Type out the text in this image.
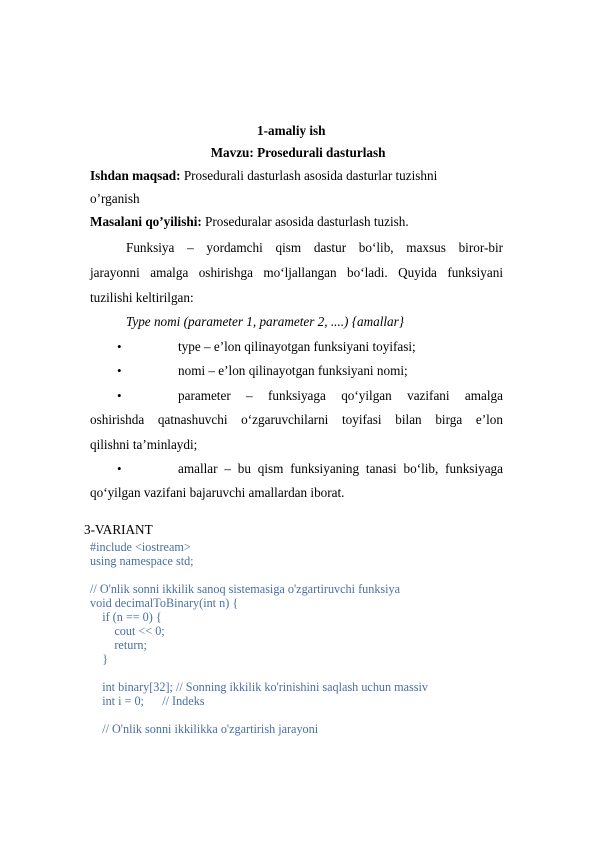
1-amaliy ish
Mavzu: Prosedurali dasturlash
Ishdan maqsad: Prosedurali dasturlash asosida dasturlar tuzishni
o’rganish
Masalani qo’yilishi: Proseduralar asosida dasturlash tuzish.
Funksiya – yordamchi qism dastur bo‘lib, maxsus biror-bir
jarayonni amalga oshirishga mo‘ljallangan bo‘ladi. Quyida funksiyani
tuzilishi keltirilgan:
Type nomi (parameter 1, parameter 2, ....) {amallar}
•	type – e’lon qilinayotgan funksiyani toyifasi;
•	nomi – e’lon qilinayotgan funksiyani nomi;
•	parameter – funksiyaga qo‘yilgan vazifani amalga
oshirishda qatnashuvchi o‘zgaruvchilarni toyifasi bilan birga e’lon
qilishni ta’minlaydi;
•	amallar – bu qism funksiyaning tanasi bo‘lib, funksiyaga
qo‘yilgan vazifani bajaruvchi amallardan iborat.
3-VARIANT
#include <iostream>
using namespace std;
// O'nlik sonni ikkilik sanoq sistemasiga o'zgartiruvchi funksiya
void decimalToBinary(int n) {
if (n == 0) {
cout << 0;
return;
}
int binary[32]; // Sonning ikkilik ko'rinishini saqlash uchun massiv
int i = 0;      // Indeks
// O'nlik sonni ikkilikka o'zgartirish jarayoni
